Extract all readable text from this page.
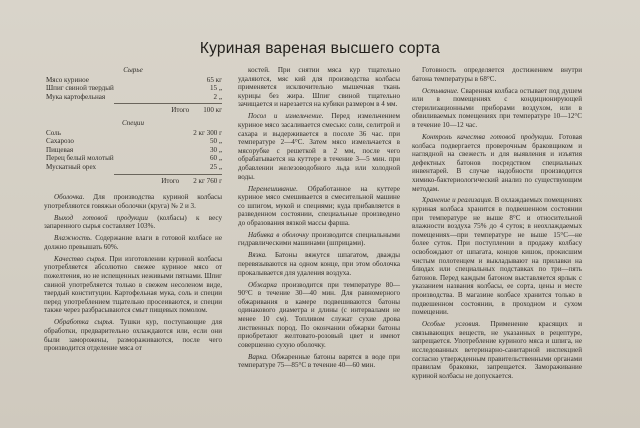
Куриная вареная высшего сорта
Сырье
Мясо куриное	65 кг
Шпиг свиной твердый	15 „
Мука картофельная	2 „
Итого 100 кг
Специи
Соль	2 кг 300 г
Сахарозо	50 „
Пищевая	30 „
Перец белый молотый	60 „
Мускатный орех	25 „
Итого 2 кг 760 г

Оболочка. Для производства куриной колбасы употребляются говяжьи оболочки (круга) № 2 и 3.

Выход готовой продукции (колбасы) к весу запаренного сырья составляет 103%.

Влажность. Содержание влаги в готовой колбасе не должно превышать 60%.

Качество сырья. При изготовлении куриной колбасы употребляется абсолютно свежее куриное мясо от пожелтения, но не испещенных неживыми пятнами. Шпиг свиной употребляется только в свежем несоленом виде, твердый конституции. Картофельная мука, соль и специи перед употреблением тщательно просеиваются, и специи также через разбрасываются смыт пищевых помолом.

Обработка сырья. Тушки кур, поступающие для обработки, предварительно охлаждаются или, если они были заморожены, размораживаются, после чего производится отделение мяса от

костей. При снятии мяса кур тщательно удаляются, мяс кий для производства колбасы применяется исключительно мышечная ткань курицы без жира. Шпиг свиной тщательно зачищается и нарезается на кубики размером в 4 мм.

Посол и измельчение. Перед измельчением куриное мясо засаливается смесью: соли, селитрой и сахара и выдерживается в посоле 36 час. при температуре 2—4°С. Затем мясо измельчается в мясорубке с решеткой в 2 мм, после чего обрабатывается на куттере в течение 3—5 мин. при добавлении железоводобного льда или холодной воды.

Перемешивание. Обработанное на куттере куриное мясо смешивается в смесительной машине со шпигом, мукой и специями; куда прибавляется в разведенном состоянии, специальные произведено до образования вязкой массы фарша.

Набивка в оболочку производится специальными гидравлическими машинами (шприцами).

Вязка. Батоны вяжутся шпагатом, дважды перевязываются на одном конце, при этом оболочка прокалывается для удаления воздуха.

Обжарка производится при температуре 80—90°С в течение 30—40 мин. Для равномерного обжаривания в камере подвешиваются батоны одинакового диаметра и длины (с интервалами не менее 10 см). Топливом служат сухие дрова лиственных пород. По окончании обжарки батоны приобретают желтовато-розовый цвет и имеют совершенно сухую оболочку.

Варка. Обжаренные батоны варятся в воде при температуре 75—85°С в течение 40—60 мин.

Готовность определяется достижением внутри батона температуры в 68°С.

Остывание. Сваренная колбаса остывает под душем или в помещениях с кондиционирующей стерилизационными приборами воздухом, или в обвиливаемых помещениях при температуре 10—12°С в течение 10—12 час.

Контроль качества готовой продукции. Готовая колбаса подвергается проверочным браковщиком и наглядной на свежесть и для выявления и изъятия дефектных батонов посредством специальных инвентарей. В случае надобности производится химико-бактериологический анализ по существующим методам.

Хранение и реализация. В охлаждаемых помещениях куриная колбаса хранится в подвешенном состоянии при температуре не выше 8°С и относительной влажности воздуха 75% до 4 суток; в неохлаждаемых помещениях—при температуре не выше 15°С—не более суток. При поступлении в продажу колбасу освобождают от шпагата, концов кишок, прокисшим чистым полотенцем и выкладывают на прилавки на блюдах или специальных подставках по три—пять батонов. Перед каждым батоном выставляется ярлык с указанием названия колбасы, ее сорта, цены и месте производства. В магазине колбасе хранится только в подвешенном состоянии, в проходном и сухом помещении.

Особые условия. Применение красящих и связывающих веществ, не указанных в рецептуре, запрещается. Употребление куриного мяса и шпига, не исследованных ветеринарно-санитарной инспекцией согласно утвержденным правительственными органами правилам браковки, запрещается. Замораживание куриной колбасы не допускается.
